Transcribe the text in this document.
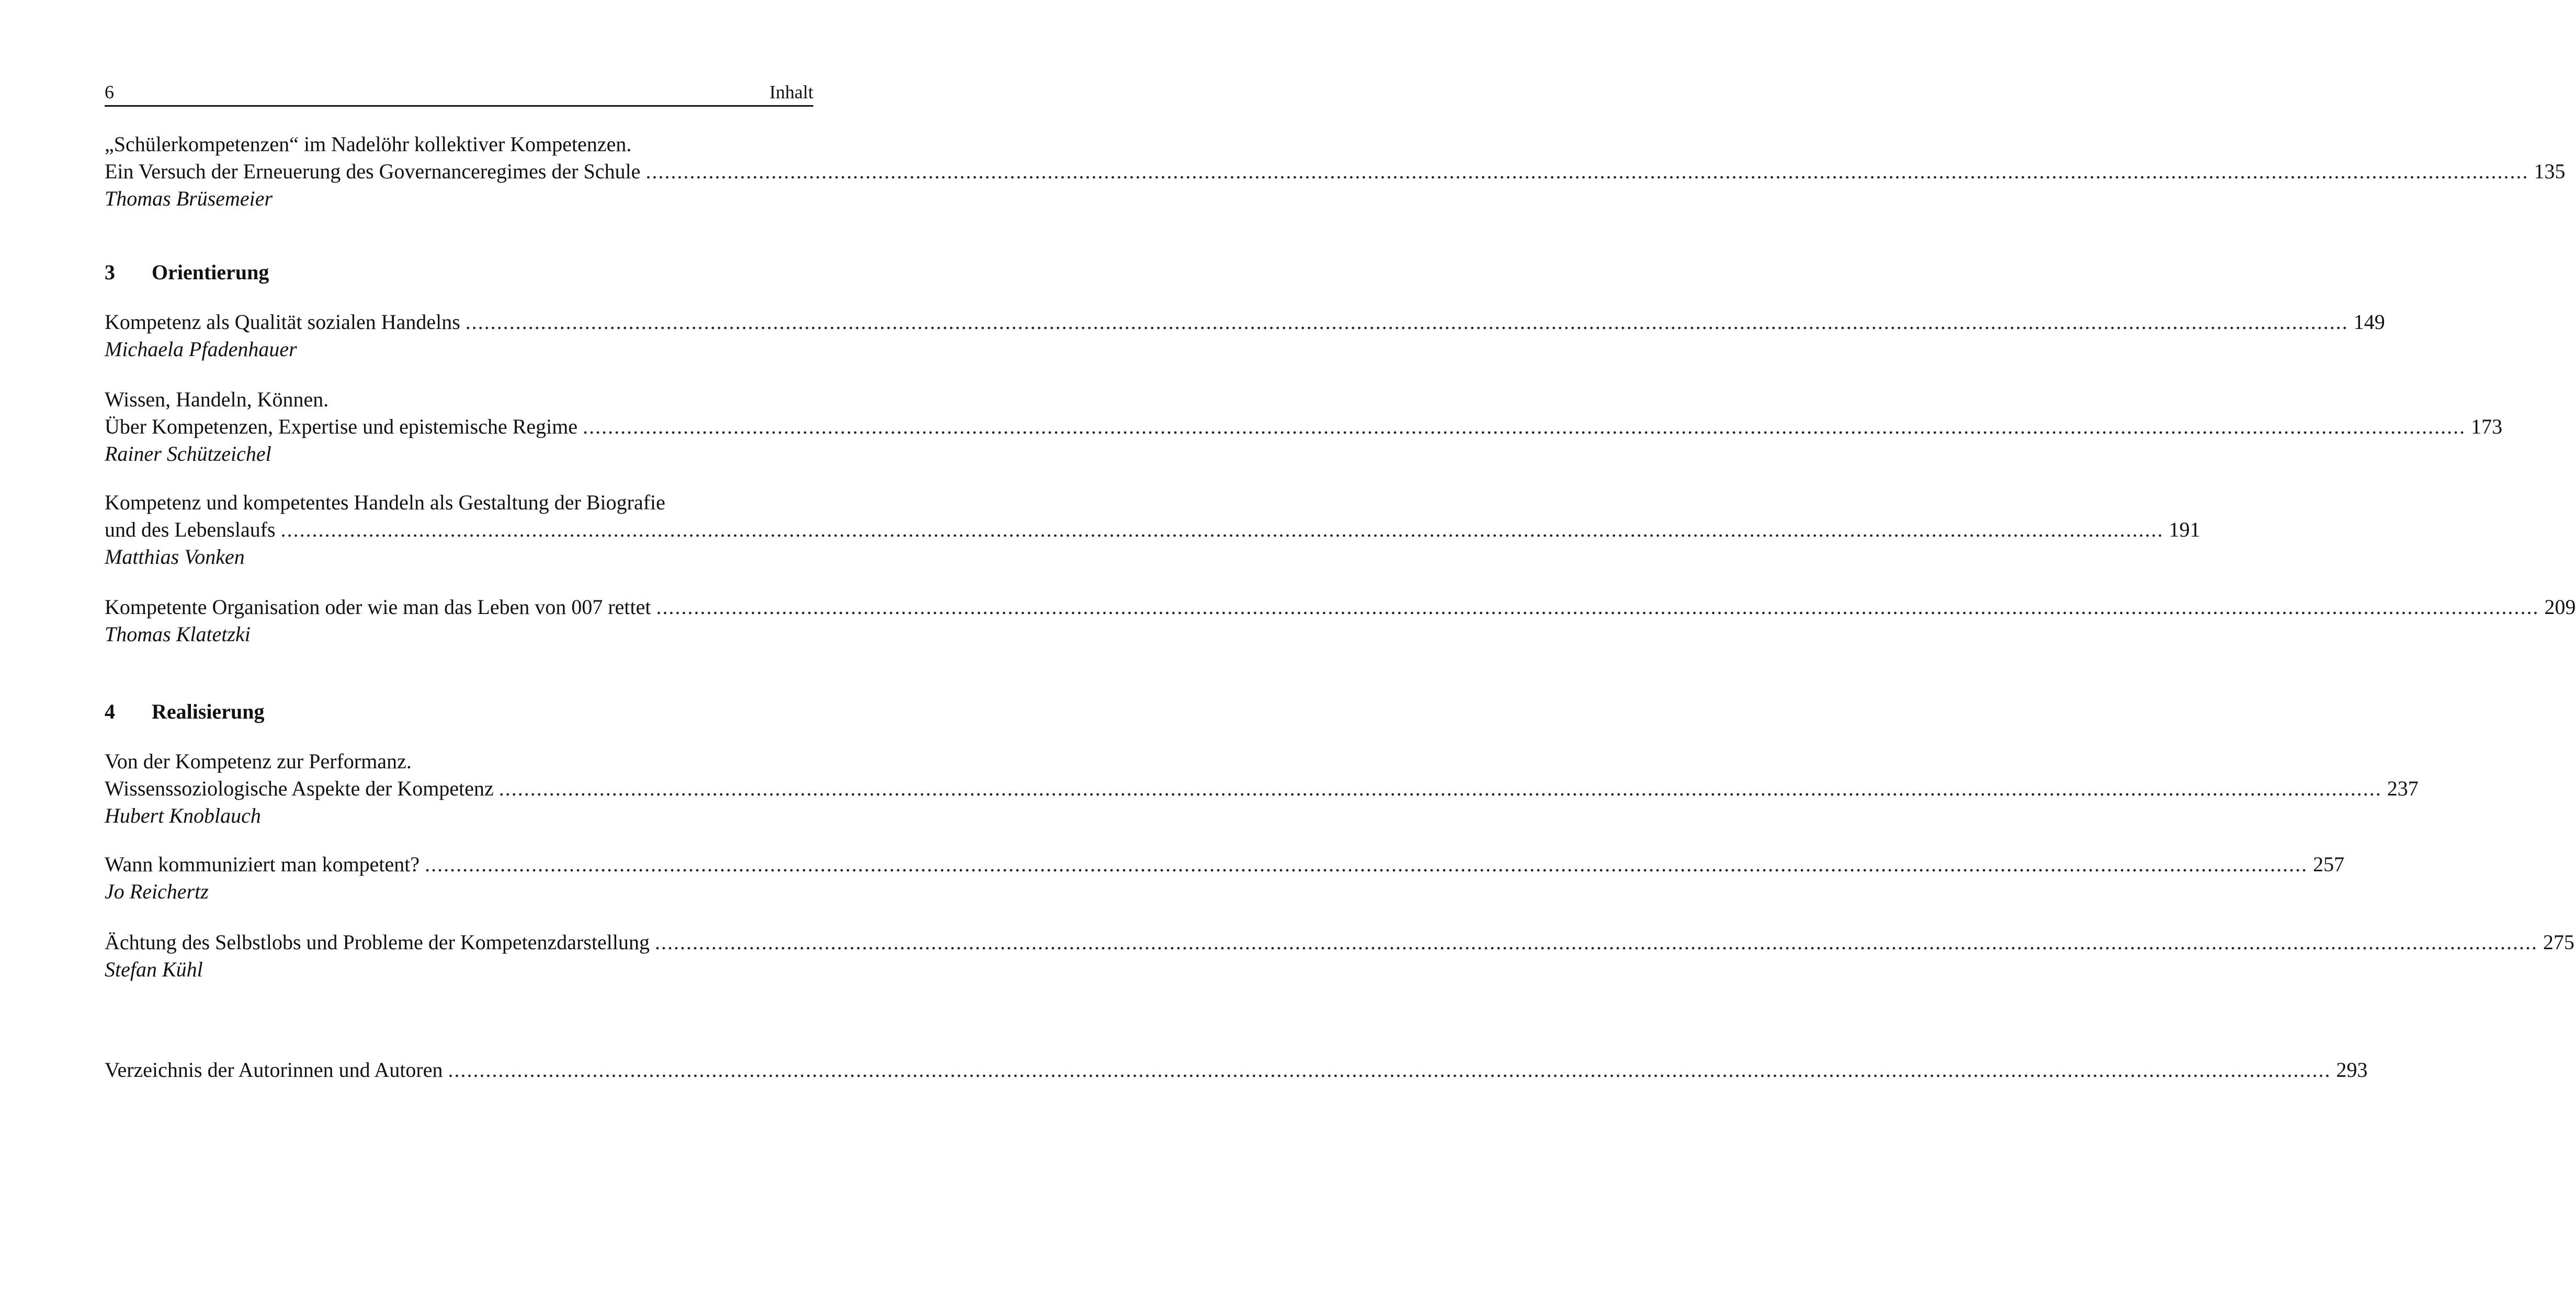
6	Inhalt
„Schülerkompetenzen“ im Nadelöhr kollektiver Kompetenzen.
Ein Versuch der Erneuerung des Governanceregimes der Schule ............................................................................................................................................................................................................................................................................................................ 135
Thomas Brüsemeier
3 Orientierung
Kompetenz als Qualität sozialen Handelns ............................................................................................................................................................................................................................................................................................................ 149
Michaela Pfadenhauer
Wissen, Handeln, Können.
Über Kompetenzen, Expertise und epistemische Regime ............................................................................................................................................................................................................................................................................................................ 173
Rainer Schützeichel
Kompetenz und kompetentes Handeln als Gestaltung der Biografie
und des Lebenslaufs ............................................................................................................................................................................................................................................................................................................ 191
Matthias Vonken
Kompetente Organisation oder wie man das Leben von 007 rettet ............................................................................................................................................................................................................................................................................................................ 209
Thomas Klatetzki
4 Realisierung
Von der Kompetenz zur Performanz.
Wissenssoziologische Aspekte der Kompetenz ............................................................................................................................................................................................................................................................................................................ 237
Hubert Knoblauch
Wann kommuniziert man kompetent? ............................................................................................................................................................................................................................................................................................................ 257
Jo Reichertz
Ächtung des Selbstlobs und Probleme der Kompetenzdarstellung ............................................................................................................................................................................................................................................................................................................ 275
Stefan Kühl
Verzeichnis der Autorinnen und Autoren ............................................................................................................................................................................................................................................................................................................ 293
